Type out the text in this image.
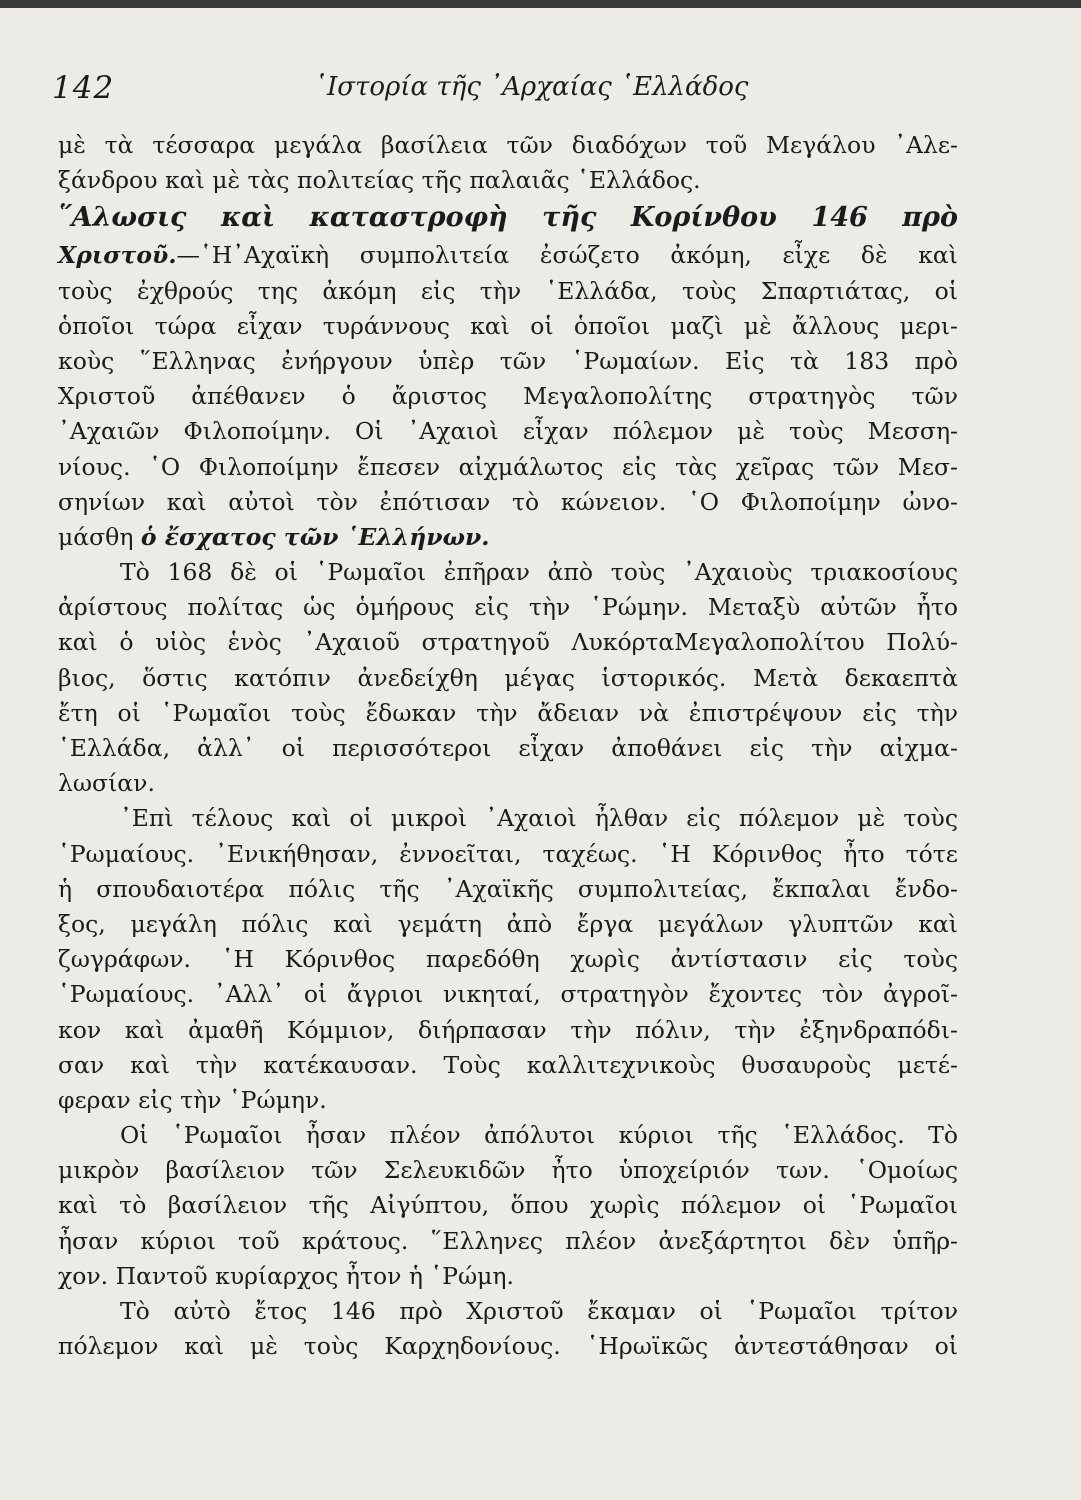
142	῾Ιστορία τῆς ᾿Αρχαίας ῾Ελλάδος
μὲ τὰ τέσσαρα μεγάλα βασίλεια τῶν διαδόχων τοῦ Μεγάλου ᾿Αλε-
ξάνδρου καὶ μὲ τὰς πολιτείας τῆς παλαιᾶς ῾Ελλάδος.
῞Αλωσις καὶ καταστροφὴ τῆς Κορίνθου 146 πρὸ
Χριστοῦ.—῾Η᾿Αχαϊκὴ συμπολιτεία ἐσώζετο ἀκόμη, εἶχε δὲ καὶ
τοὺς ἐχθρούς της ἀκόμη εἰς τὴν ῾Ελλάδα, τοὺς Σπαρτιάτας, οἱ
ὁποῖοι τώρα εἶχαν τυράννους καὶ οἱ ὁποῖοι μαζὶ μὲ ἄλλους μερι-
κοὺς ῞Ελληνας ἐνήργουν ὑπὲρ τῶν ῾Ρωμαίων. Εἰς τὰ 183 πρὸ
Χριστοῦ ἀπέθανεν ὁ ἄριστος Μεγαλοπολίτης στρατηγὸς τῶν
᾿Αχαιῶν Φιλοποίμην. Οἱ ᾿Αχαιοὶ εἶχαν πόλεμον μὲ τοὺς Μεσση-
νίους. ῾Ο Φιλοποίμην ἔπεσεν αἰχμάλωτος εἰς τὰς χεῖρας τῶν Μεσ-
σηνίων καὶ αὐτοὶ τὸν ἐπότισαν τὸ κώνειον. ῾Ο Φιλοποίμην ὠνο-
μάσθη ὁ ἔσχατος τῶν ῾Ελλήνων.
Τὸ 168 δὲ οἱ ῾Ρωμαῖοι ἐπῆραν ἀπὸ τοὺς ᾿Αχαιοὺς τριακοσίους
ἀρίστους πολίτας ὡς ὁμήρους εἰς τὴν ῾Ρώμην. Μεταξὺ αὐτῶν ἦτο
καὶ ὁ υἱὸς ἑνὸς ᾿Αχαιοῦ στρατηγοῦ ΛυκόρταΜεγαλοπολίτου Πολύ-
βιος, ὅστις κατόπιν ἀνεδείχθη μέγας ἱστορικός. Μετὰ δεκαεπτὰ
ἔτη οἱ ῾Ρωμαῖοι τοὺς ἔδωκαν τὴν ἄδειαν νὰ ἐπιστρέψουν εἰς τὴν
῾Ελλάδα, ἀλλ᾿ οἱ περισσότεροι εἶχαν ἀποθάνει εἰς τὴν αἰχμα-
λωσίαν.
᾿Επὶ τέλους καὶ οἱ μικροὶ ᾿Αχαιοὶ ἦλθαν εἰς πόλεμον μὲ τοὺς
῾Ρωμαίους. ᾿Ενικήθησαν, ἐννοεῖται, ταχέως. ῾Η Κόρινθος ἦτο τότε
ἡ σπουδαιοτέρα πόλις τῆς ᾿Αχαϊκῆς συμπολιτείας, ἔκπαλαι ἔνδο-
ξος, μεγάλη πόλις καὶ γεμάτη ἀπὸ ἔργα μεγάλων γλυπτῶν καὶ
ζωγράφων. ῾Η Κόρινθος παρεδόθη χωρὶς ἀντίστασιν εἰς τοὺς
῾Ρωμαίους. ᾿Αλλ᾿ οἱ ἄγριοι νικηταί, στρατηγὸν ἔχοντες τὸν ἀγροῖ-
κον καὶ ἀμαθῆ Κόμμιον, διήρπασαν τὴν πόλιν, τὴν ἐξηνδραπόδι-
σαν καὶ τὴν κατέκαυσαν. Τοὺς καλλιτεχνικοὺς θυσαυροὺς μετέ-
φεραν εἰς τὴν ῾Ρώμην.
Οἱ ῾Ρωμαῖοι ἦσαν πλέον ἀπόλυτοι κύριοι τῆς ῾Ελλάδος. Τὸ
μικρὸν βασίλειον τῶν Σελευκιδῶν ἦτο ὑποχείριόν των. ῾Ομοίως
καὶ τὸ βασίλειον τῆς Αἰγύπτου, ὅπου χωρὶς πόλεμον οἱ ῾Ρωμαῖοι
ἦσαν κύριοι τοῦ κράτους. ῞Ελληνες πλέον ἀνεξάρτητοι δὲν ὑπῆρ-
χον. Παντοῦ κυρίαρχος ἦτον ἡ ῾Ρώμη.
Τὸ αὐτὸ ἔτος 146 πρὸ Χριστοῦ ἔκαμαν οἱ ῾Ρωμαῖοι τρίτον
πόλεμον καὶ μὲ τοὺς Καρχηδονίους. ῾Ηρωϊκῶς ἀντεστάθησαν οἱ
